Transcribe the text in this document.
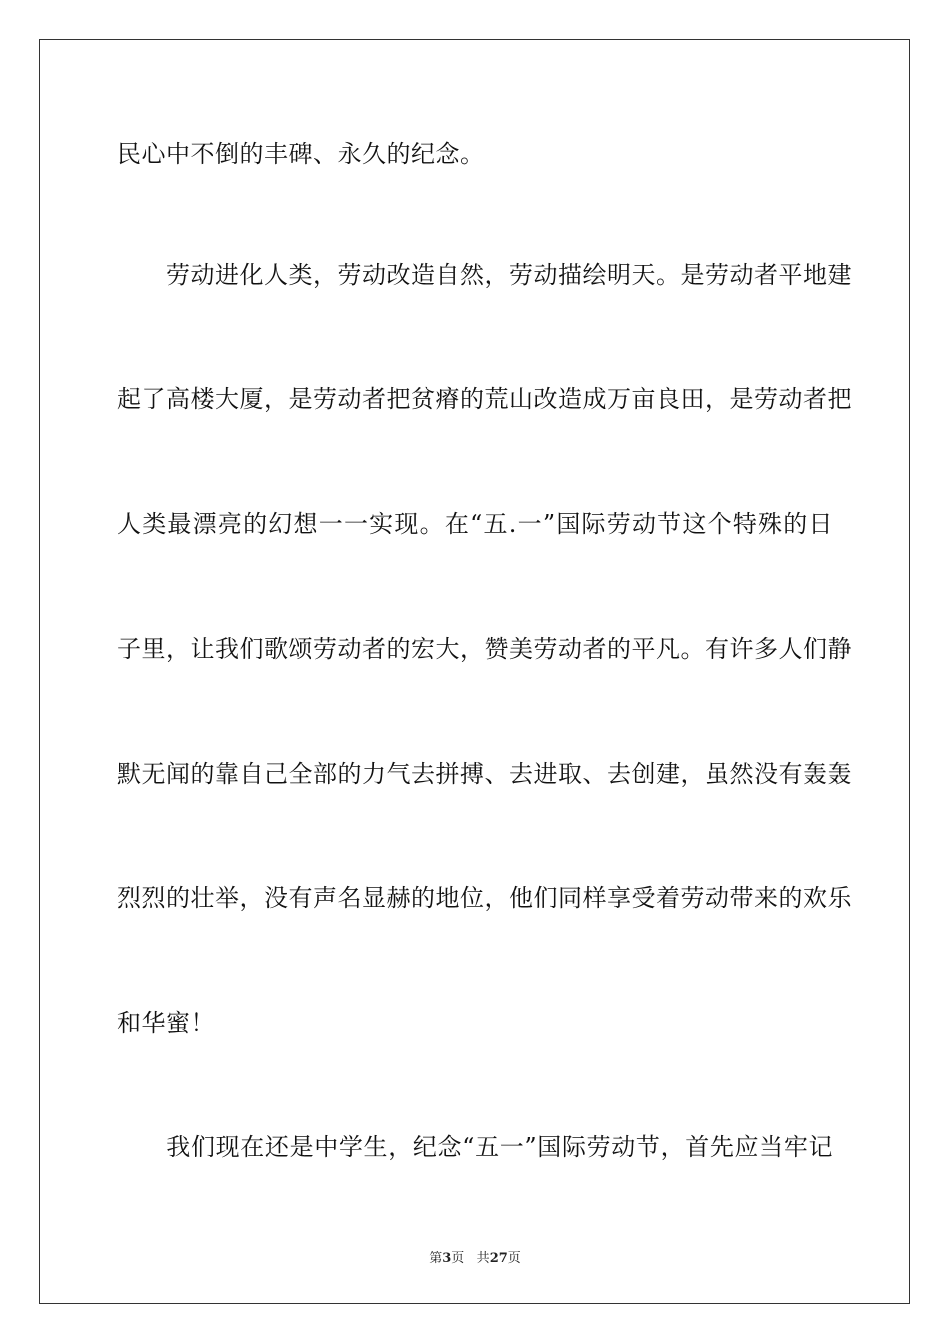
民心中不倒的丰碑、永久的纪念。
　　劳动进化人类，劳动改造自然，劳动描绘明天。是劳动者平地建
起了高楼大厦，是劳动者把贫瘠的荒山改造成万亩良田，是劳动者把
人类最漂亮的幻想一一实现。在“五.一”国际劳动节这个特殊的日
子里，让我们歌颂劳动者的宏大，赞美劳动者的平凡。有许多人们静
默无闻的靠自己全部的力气去拼搏、去进取、去创建，虽然没有轰轰
烈烈的壮举，没有声名显赫的地位，他们同样享受着劳动带来的欢乐
和华蜜！
　　我们现在还是中学生，纪念“五一”国际劳动节，首先应当牢记
第3页 共27页
